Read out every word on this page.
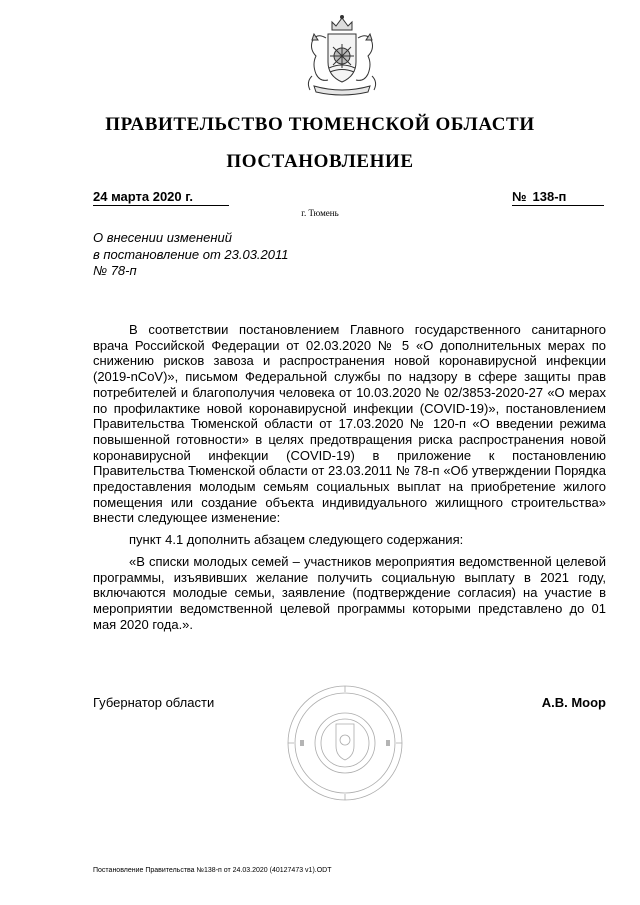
ПРАВИТЕЛЬСТВО ТЮМЕНСКОЙ ОБЛАСТИ
ПОСТАНОВЛЕНИЕ
24 марта 2020 г.	№ 138-п
г. Тюмень
О внесении изменений
в постановление от 23.03.2011
№ 78-п

В соответствии постановлением Главного государственного санитарного врача Российской Федерации от 02.03.2020 № 5 «О дополнительных мерах по снижению рисков завоза и распространения новой коронавирусной инфекции (2019-nCoV)», письмом Федеральной службы по надзору в сфере защиты прав потребителей и благополучия человека от 10.03.2020 № 02/3853-2020-27 «О мерах по профилактике новой коронавирусной инфекции (COVID-19)», постановлением Правительства Тюменской области от 17.03.2020 № 120-п «О введении режима повышенной готовности» в целях предотвращения риска распространения новой коронавирусной инфекции (COVID-19) в приложение к постановлению Правительства Тюменской области от 23.03.2011 № 78-п «Об утверждении Порядка предоставления молодым семьям социальных выплат на приобретение жилого помещения или создание объекта индивидуального жилищного строительства» внести следующее изменение:

пункт 4.1 дополнить абзацем следующего содержания:

«В списки молодых семей – участников мероприятия ведомственной целевой программы, изъявивших желание получить социальную выплату в 2021 году, включаются молодые семьи, заявление (подтверждение согласия) на участие в мероприятии ведомственной целевой программы которыми представлено до 01 мая 2020 года.».

Губернатор области	А.В. Моор
Постановление Правительства №138-п от 24.03.2020 (40127473 v1).ODT
